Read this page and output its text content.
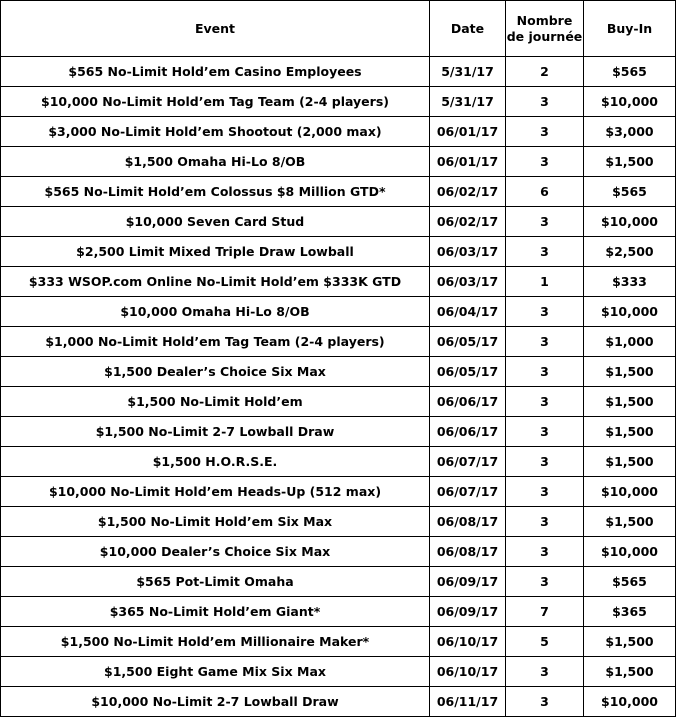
Event	Date	Nombre de journée	Buy-In
$565 No-Limit Hold’em Casino Employees	5/31/17	2	$565
$10,000 No-Limit Hold’em Tag Team (2-4 players)	5/31/17	3	$10,000
$3,000 No-Limit Hold’em Shootout (2,000 max)	06/01/17	3	$3,000
$1,500 Omaha Hi-Lo 8/OB	06/01/17	3	$1,500
$565 No-Limit Hold’em Colossus $8 Million GTD*	06/02/17	6	$565
$10,000 Seven Card Stud	06/02/17	3	$10,000
$2,500 Limit Mixed Triple Draw Lowball	06/03/17	3	$2,500
$333 WSOP.com Online No-Limit Hold’em $333K GTD	06/03/17	1	$333
$10,000 Omaha Hi-Lo 8/OB	06/04/17	3	$10,000
$1,000 No-Limit Hold’em Tag Team (2-4 players)	06/05/17	3	$1,000
$1,500 Dealer’s Choice Six Max	06/05/17	3	$1,500
$1,500 No-Limit Hold’em	06/06/17	3	$1,500
$1,500 No-Limit 2-7 Lowball Draw	06/06/17	3	$1,500
$1,500 H.O.R.S.E.	06/07/17	3	$1,500
$10,000 No-Limit Hold’em Heads-Up (512 max)	06/07/17	3	$10,000
$1,500 No-Limit Hold’em Six Max	06/08/17	3	$1,500
$10,000 Dealer’s Choice Six Max	06/08/17	3	$10,000
$565 Pot-Limit Omaha	06/09/17	3	$565
$365 No-Limit Hold’em Giant*	06/09/17	7	$365
$1,500 No-Limit Hold’em Millionaire Maker*	06/10/17	5	$1,500
$1,500 Eight Game Mix Six Max	06/10/17	3	$1,500
$10,000 No-Limit 2-7 Lowball Draw	06/11/17	3	$10,000
